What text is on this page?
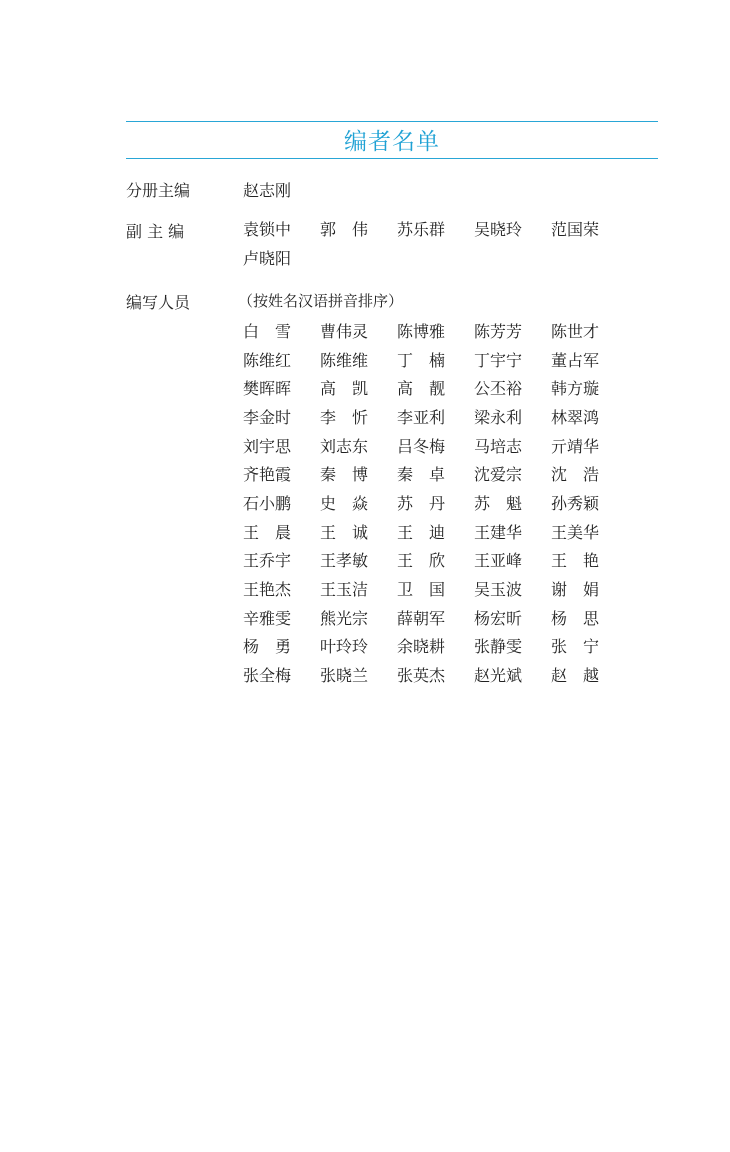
编者名单
分册主编	赵志刚
副 主 编	袁锁中	郭　伟	苏乐群	吴晓玲	范国荣
卢晓阳
编写人员	（按姓名汉语拼音排序）
白　雪	曹伟灵	陈博雅	陈芳芳	陈世才
陈维红	陈维维	丁　楠	丁宇宁	董占军
樊晖晖	高　凯	高　靓	公丕裕	韩方璇
李金时	李　忻	李亚利	梁永利	林翠鸿
刘宇思	刘志东	吕冬梅	马培志	亓靖华
齐艳霞	秦　博	秦　卓	沈爱宗	沈　浩
石小鹏	史　焱	苏　丹	苏　魁	孙秀颖
王　晨	王　诚	王　迪	王建华	王美华
王乔宇	王孝敏	王　欣	王亚峰	王　艳
王艳杰	王玉洁	卫　国	吴玉波	谢　娟
辛雅雯	熊光宗	薛朝军	杨宏昕	杨　思
杨　勇	叶玲玲	余晓耕	张静雯	张　宁
张全梅	张晓兰	张英杰	赵光斌	赵　越
